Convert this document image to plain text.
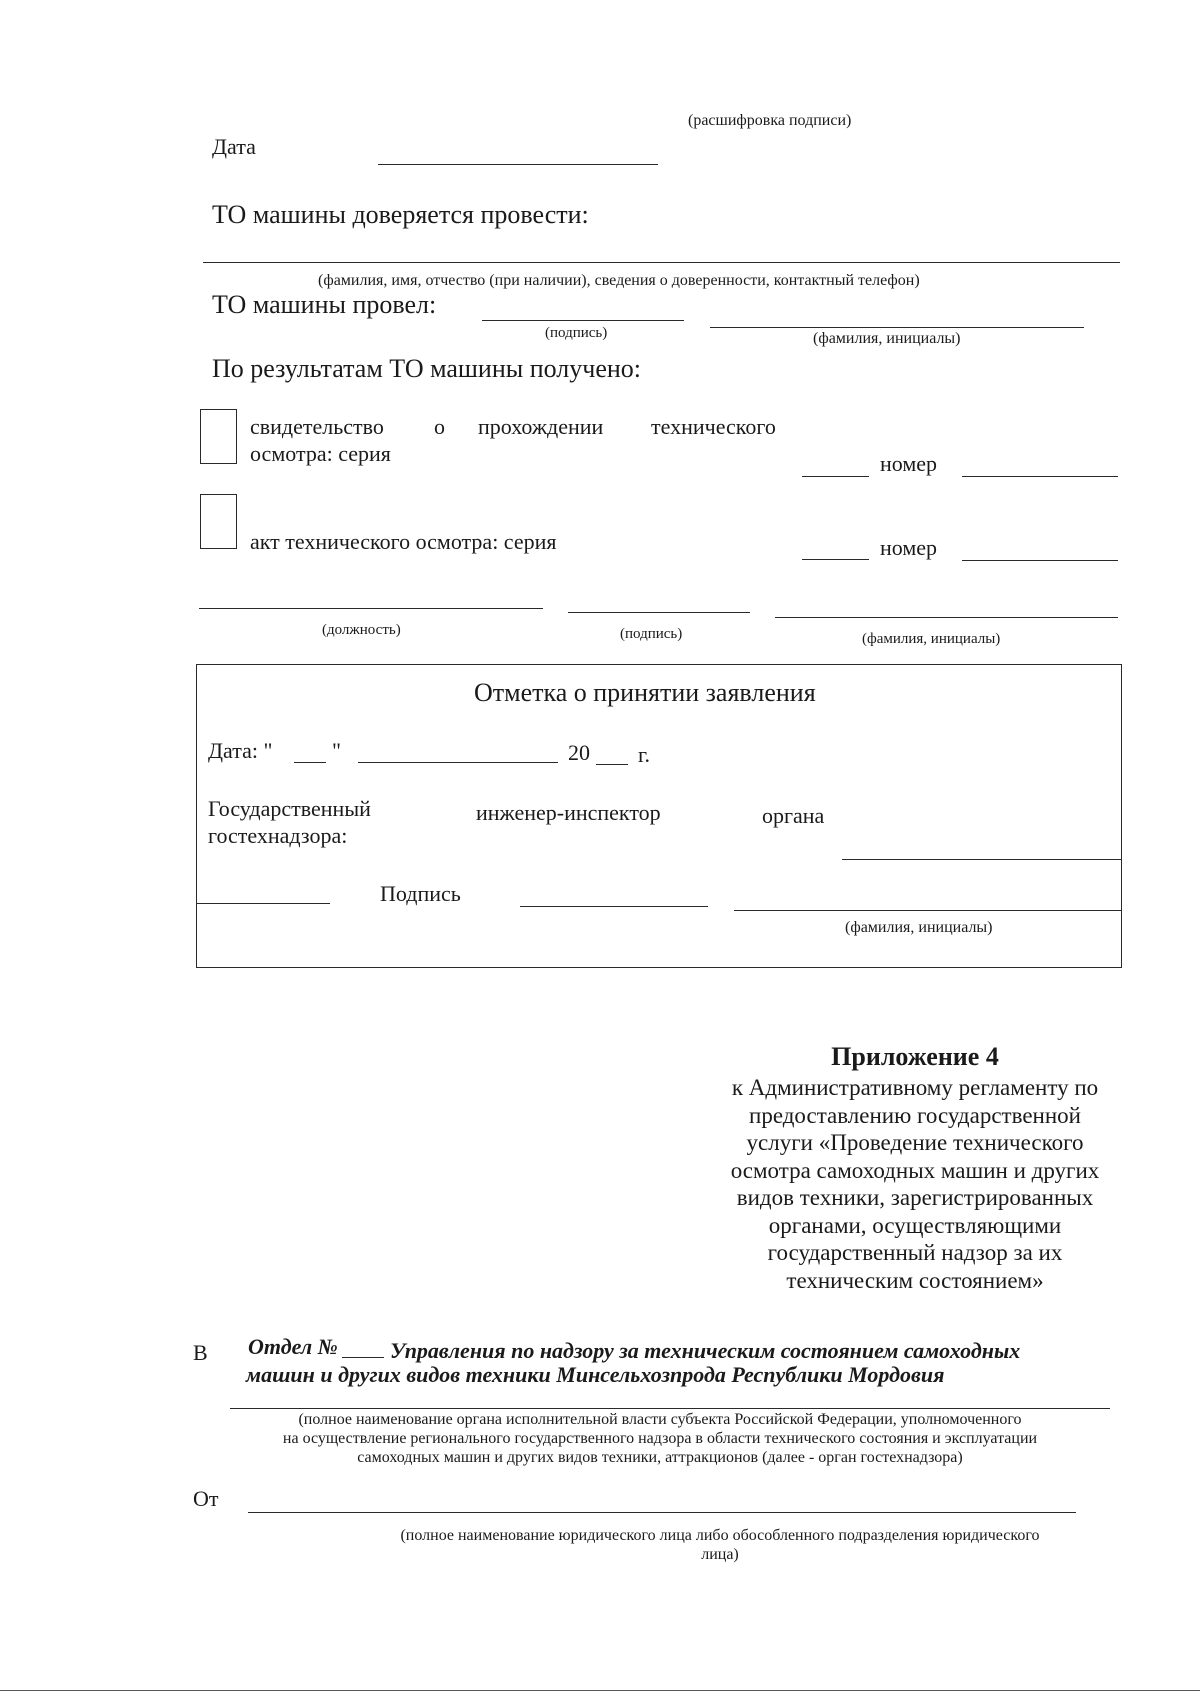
(расшифровка подписи)
Дата
ТО машины доверяется провести:
(фамилия, имя, отчество (при наличии), сведения о доверенности, контактный телефон)
ТО машины провел:
(подпись)	(фамилия, инициалы)
По результатам ТО машины получено:
свидетельство о прохождении технического
осмотра: серия	номер
акт технического осмотра: серия	номер
(должность)	(подпись)	(фамилия, инициалы)
Отметка о принятии заявления
Дата: "	"	20 г.
Государственный	инженер-инспектор	органа
гостехнадзора:
Подпись
(фамилия, инициалы)
Приложение 4
к Административному регламенту по
предоставлению государственной
услуги «Проведение технического
осмотра самоходных машин и других
видов техники, зарегистрированных
органами, осуществляющими
государственный надзор за их
техническим состоянием»
В Отдел № Управления по надзору за техническим состоянием самоходных
машин и других видов техники Минсельхозпрода Республики Мордовия
(полное наименование органа исполнительной власти субъекта Российской Федерации, уполномоченного
на осуществление регионального государственного надзора в области технического состояния и эксплуатации
самоходных машин и других видов техники, аттракционов (далее - орган гостехнадзора)
От
(полное наименование юридического лица либо обособленного подразделения юридического
лица)
